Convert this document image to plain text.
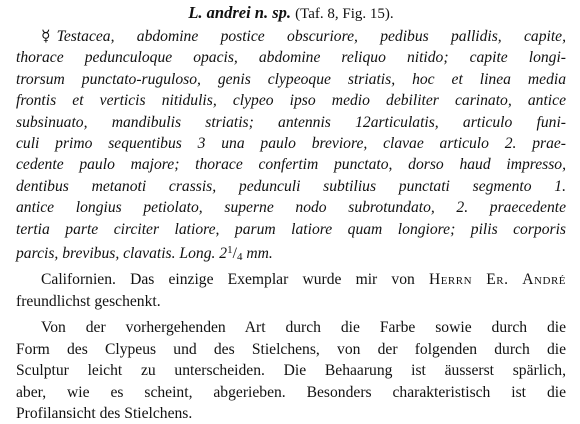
L. andrei n. sp. (Taf. 8, Fig. 15).
☿ Testacea, abdomine postice obscuriore, pedibus pallidis, capite,
thorace pedunculoque opacis, abdomine reliquo nitido; capite longi-
trorsum punctato-ruguloso, genis clypeoque striatis, hoc et linea media
frontis et verticis nitidulis, clypeo ipso medio debiliter carinato, antice
subsinuato, mandibulis striatis; antennis 12articulatis, articulo funi-
culi primo sequentibus 3 una paulo breviore, clavae articulo 2. prae-
cedente paulo majore; thorace confertim punctato, dorso haud impresso,
dentibus metanoti crassis, pedunculi subtilius punctati segmento 1.
antice longius petiolato, superne nodo subrotundato, 2. praecedente
tertia parte circiter latiore, parum latiore quam longiore; pilis corporis
parcis, brevibus, clavatis. Long. $2^1/4$ mm.
Californien. Das einzige Exemplar wurde mir von Herrn Er. André
freundlichst geschenkt.
Von der vorhergehenden Art durch die Farbe sowie durch die
Form des Clypeus und des Stielchens, von der folgenden durch die
Sculptur leicht zu unterscheiden. Die Behaarung ist äusserst spärlich,
aber, wie es scheint, abgerieben. Besonders charakteristisch ist die
Profilansicht des Stielchens.
